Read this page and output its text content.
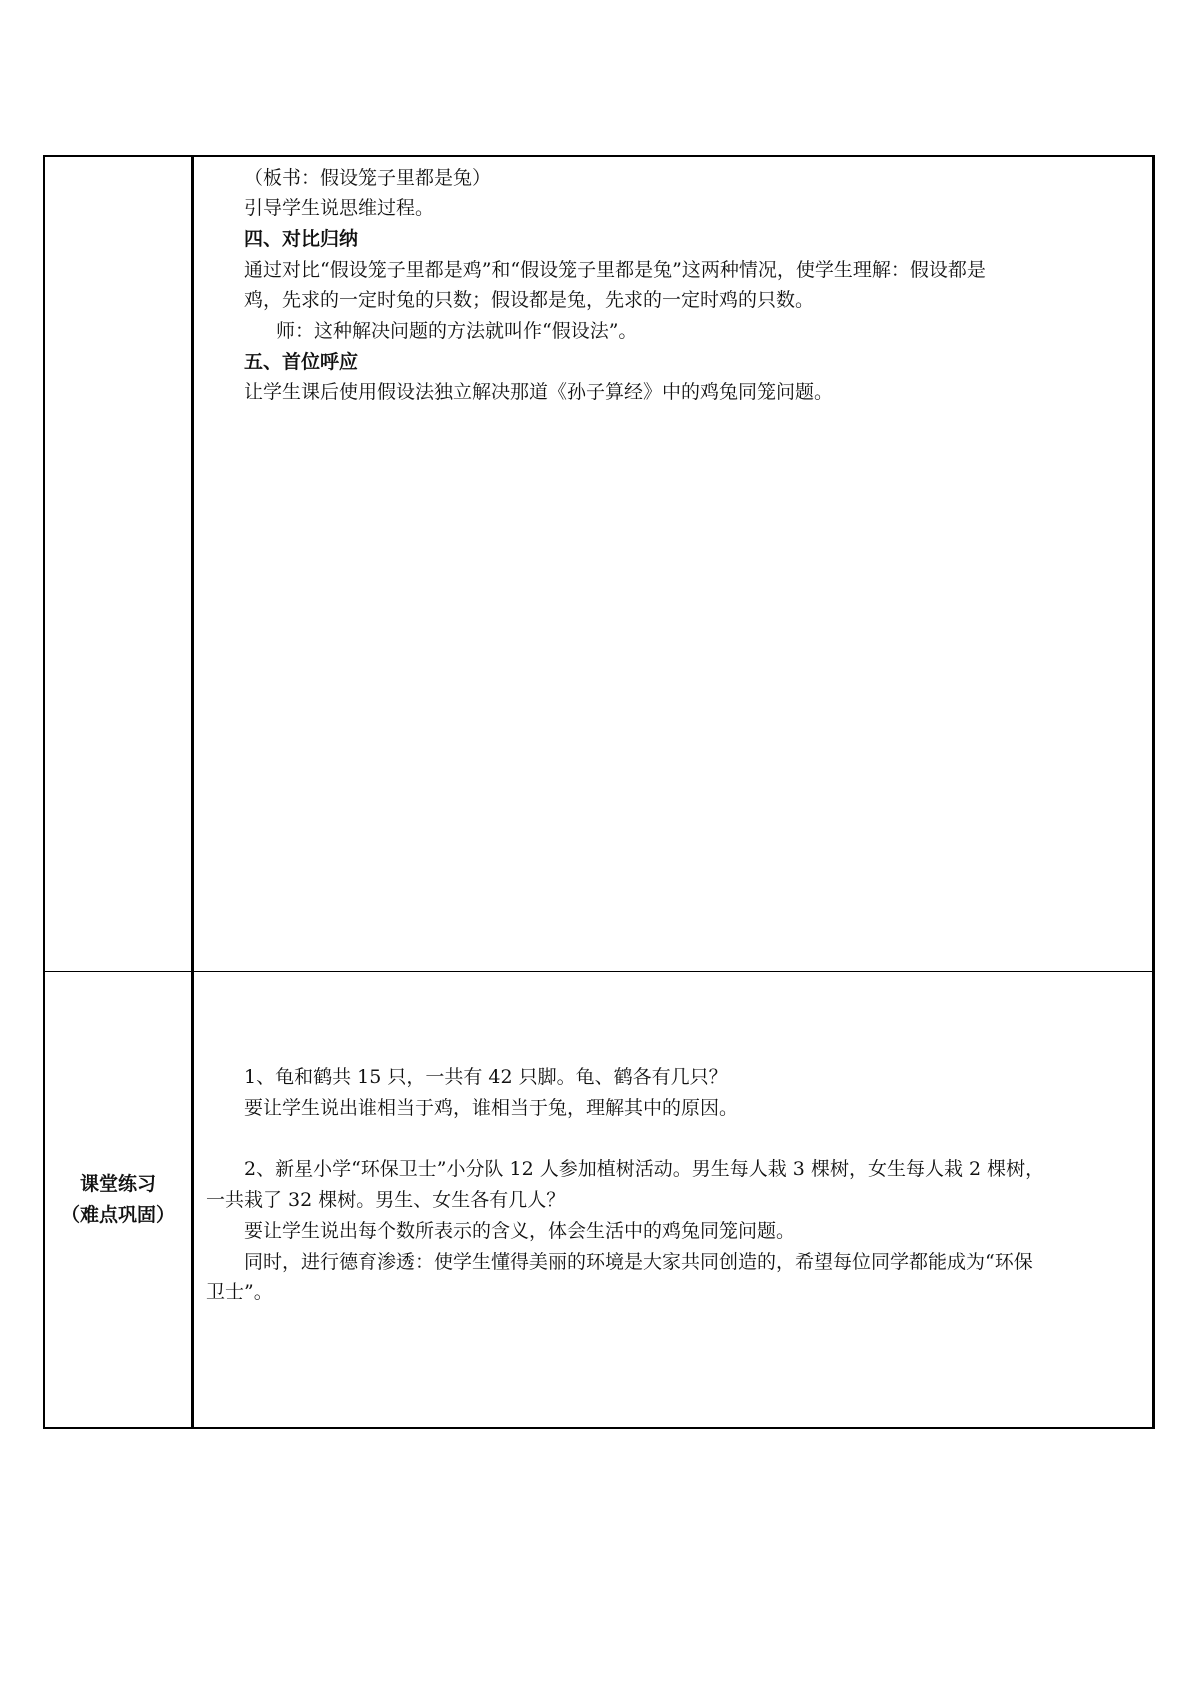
（板书：假设笼子里都是兔）
引导学生说思维过程。
四、对比归纳
通过对比“假设笼子里都是鸡”和“假设笼子里都是兔”这两种情况，使学生理解：假设都是
鸡，先求的一定时兔的只数；假设都是兔，先求的一定时鸡的只数。
师：这种解决问题的方法就叫作“假设法”。
五、首位呼应
让学生课后使用假设法独立解决那道《孙子算经》中的鸡兔同笼问题。
课堂练习
（难点巩固）
1、龟和鹤共 15 只，一共有 42 只脚。龟、鹤各有几只？
要让学生说出谁相当于鸡，谁相当于兔，理解其中的原因。
2、新星小学“环保卫士”小分队 12 人参加植树活动。男生每人栽 3 棵树，女生每人栽 2 棵树，
一共栽了 32 棵树。男生、女生各有几人？
要让学生说出每个数所表示的含义，体会生活中的鸡兔同笼问题。
同时，进行德育渗透：使学生懂得美丽的环境是大家共同创造的，希望每位同学都能成为“环保
卫士”。
